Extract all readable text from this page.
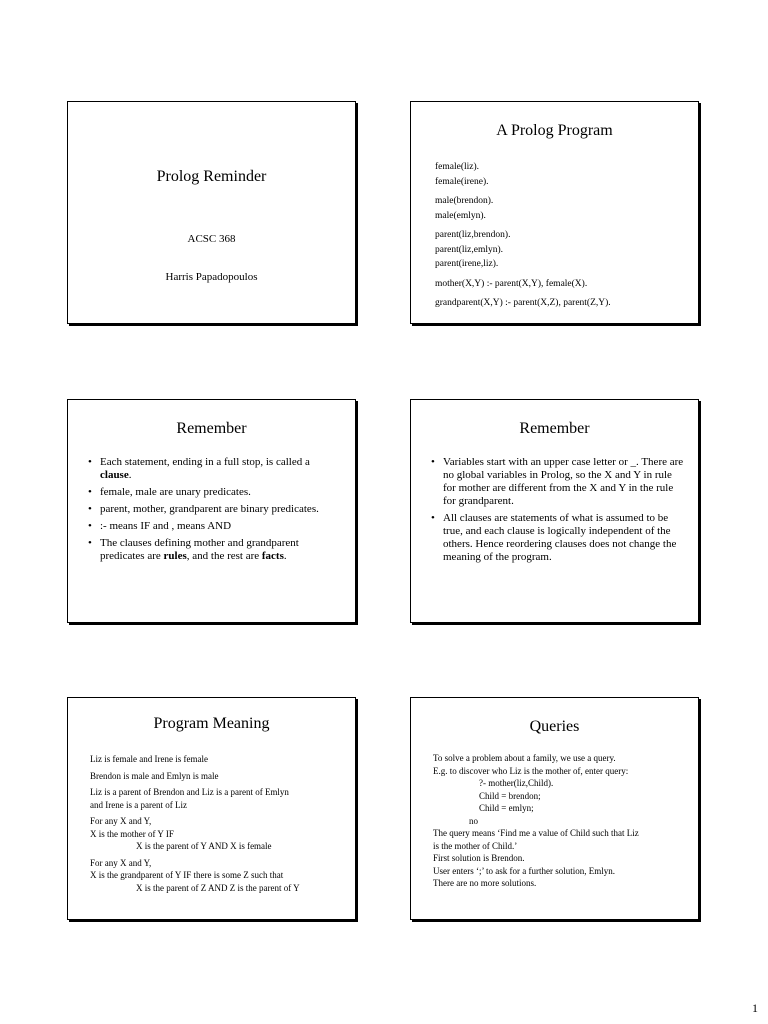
Prolog Reminder
ACSC 368
Harris Papadopoulos
A Prolog Program
female(liz).
female(irene).
male(brendon).
male(emlyn).
parent(liz,brendon).
parent(liz,emlyn).
parent(irene,liz).
mother(X,Y) :- parent(X,Y), female(X).
grandparent(X,Y) :- parent(X,Z), parent(Z,Y).
Remember
• Each statement, ending in a full stop, is called a clause.
• female, male are unary predicates.
• parent, mother, grandparent are binary predicates.
• :- means IF and , means AND
• The clauses defining mother and grandparent predicates are rules, and the rest are facts.
Remember
• Variables start with an upper case letter or _. There are no global variables in Prolog, so the X and Y in rule for mother are different from the X and Y in the rule for grandparent.
• All clauses are statements of what is assumed to be true, and each clause is logically independent of the others. Hence reordering clauses does not change the meaning of the program.
Program Meaning
Liz is female and Irene is female
Brendon is male and Emlyn is male
Liz is a parent of Brendon and Liz is a parent of Emlyn
and Irene is a parent of Liz
For any X and Y,
X is the mother of Y IF
X is the parent of Y AND X is female
For any X and Y,
X is the grandparent of Y IF there is some Z such that
X is the parent of Z AND Z is the parent of Y
Queries
To solve a problem about a family, we use a query.
E.g. to discover who Liz is the mother of, enter query:
?- mother(liz,Child).
Child = brendon;
Child = emlyn;
no
The query means ‘Find me a value of Child such that Liz
is the mother of Child.’
First solution is Brendon.
User enters ‘;’ to ask for a further solution, Emlyn.
There are no more solutions.
1
